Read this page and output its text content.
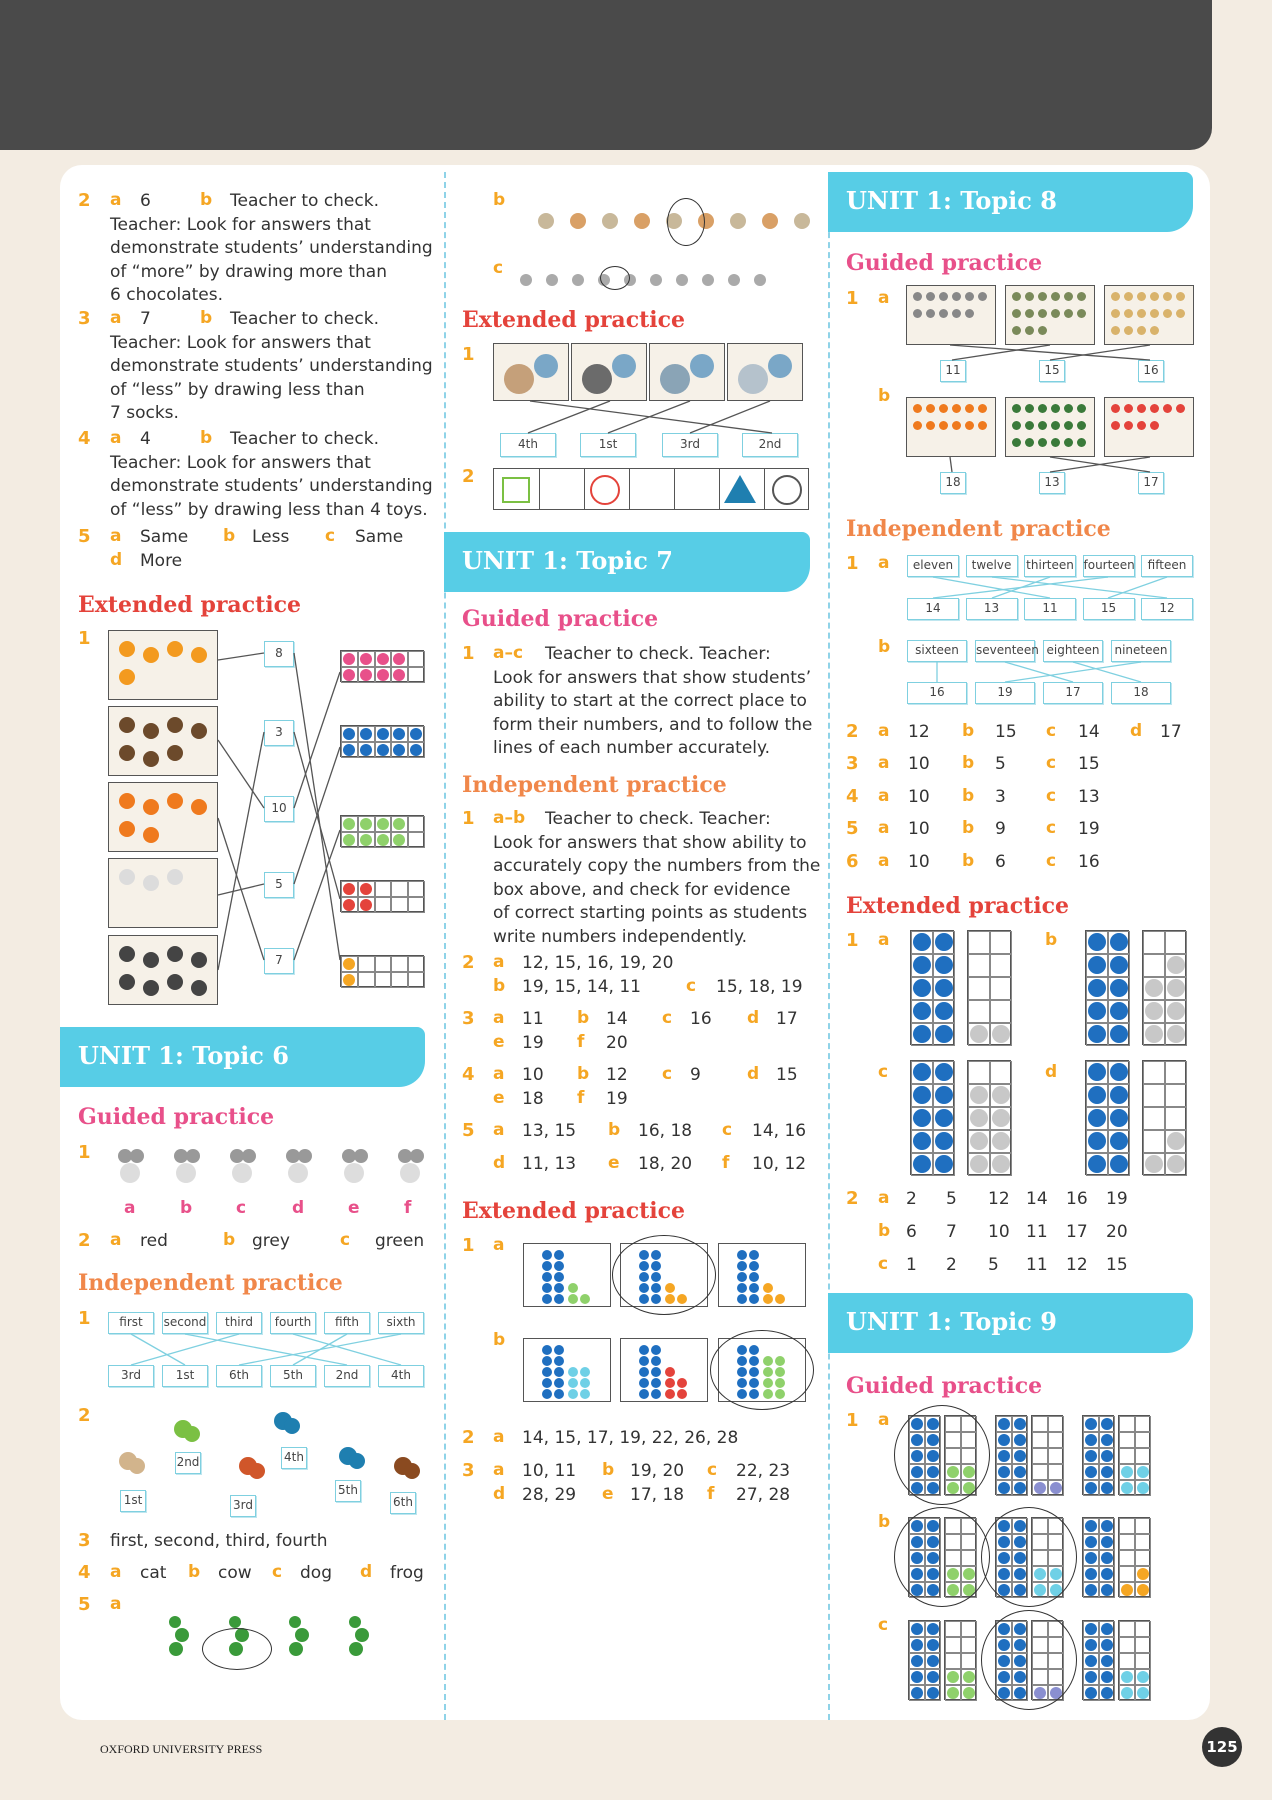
2 a 6	b Teacher to check.
Teacher: Look for answers that
demonstrate students’ understanding
of “more” by drawing more than
6 chocolates.
3 a 7	b Teacher to check.
Teacher: Look for answers that
demonstrate students’ understanding
of “less” by drawing less than
7 socks.
4 a 4	b Teacher to check.
Teacher: Look for answers that
demonstrate students’ understanding
of “less” by drawing less than 4 toys.
5 a Same b Less c Same
d More
Extended practice
1
8
3
10
5
7
UNIT 1: Topic 6
Guided practice
1
a	b	c	d	e	f
2 a red	b grey	c green
Independent practice
1	first	second	third	fourth	fifth	sixth
3rd	1st	6th	5th	2nd	4th
2
1st
2nd
3rd
4th
5th
6th
3 first, second, third, fourth
4 a cat b cow c dog d frog
5 a
b
c
Extended practice
1
4th	1st	3rd	2nd
2
UNIT 1: Topic 7
Guided practice
1 a–c Teacher to check. Teacher:
Look for answers that show students’
ability to start at the correct place to
form their numbers, and to follow the
lines of each number accurately.
Independent practice
1 a–b Teacher to check. Teacher:
Look for answers that show ability to
accurately copy the numbers from the
box above, and check for evidence
of correct starting points as students
write numbers independently.
2 a 12, 15, 16, 19, 20
b 19, 15, 14, 11	c 15, 18, 19
3 a 11 b 14 c 16 d 17
e 19 f 20
4 a 10 b 12 c 9	d 15
e 18 f 19
5 a 13, 15 b 16, 18 c 14, 16
d 11, 13 e 18, 20 f 10, 12
Extended practice
1 a
b
2 a 14, 15, 17, 19, 22, 26, 28
3 a 10, 11 b 19, 20 c 22, 23
d 28, 29 e 17, 18 f 27, 28
UNIT 1: Topic 8
Guided practice
1 a
11	15	16
b
18	13	17
Independent practice
1 a	eleven	twelve	thirteen fourteen	fifteen
14	13	11	15	12
b	sixteen	seventeen eighteen nineteen
16	19	17	18
2 a 12 b 15 c 14 d 17
3 a 10 b 5 c 15
4 a 10 b 3 c 13
5 a 10 b 9 c 19
6 a 10 b 6 c 16
Extended practice
1 a	b
c	d
2 a 2 5 12 14 16 19
b 6 7 10 11 17 20
c 1 2 5 11 12 15
UNIT 1: Topic 9
Guided practice
1 a
b
c
OXFORD UNIVERSITY PRESS	125
